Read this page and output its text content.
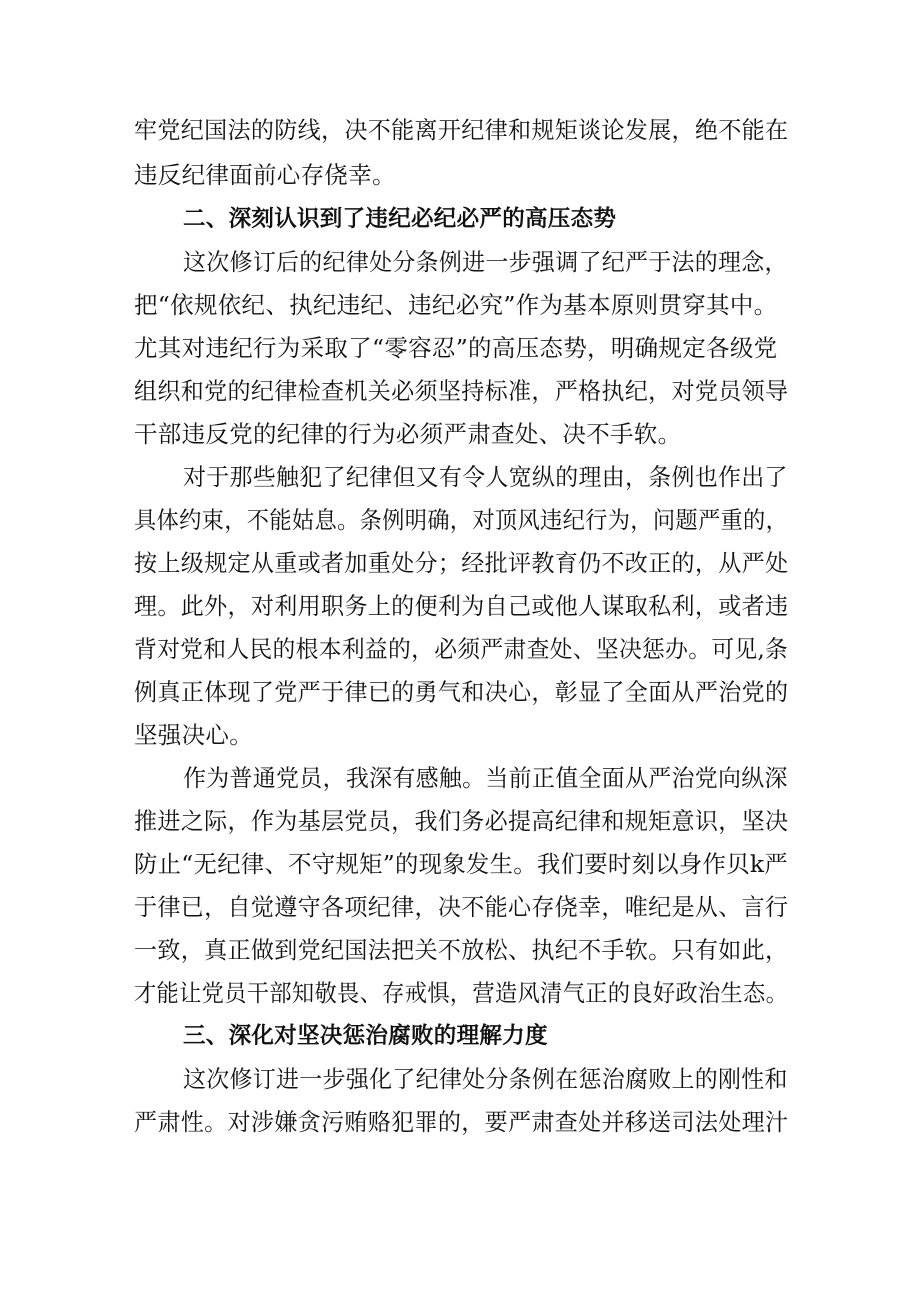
牢党纪国法的防线，决不能离开纪律和规矩谈论发展，绝不能在
违反纪律面前心存侥幸。
二、深刻认识到了违纪必纪必严的高压态势
这次修订后的纪律处分条例进一步强调了纪严于法的理念，
把“依规依纪、执纪违纪、违纪必究”作为基本原则贯穿其中。
尤其对违纪行为采取了“零容忍”的高压态势，明确规定各级党
组织和党的纪律检查机关必须坚持标准，严格执纪，对党员领导
干部违反党的纪律的行为必须严肃查处、决不手软。
对于那些触犯了纪律但又有令人宽纵的理由，条例也作出了
具体约束，不能姑息。条例明确，对顶风违纪行为，问题严重的，
按上级规定从重或者加重处分；经批评教育仍不改正的，从严处
理。此外，对利用职务上的便利为自己或他人谋取私利，或者违
背对党和人民的根本利益的，必须严肃查处、坚决惩办。可见,条
例真正体现了党严于律已的勇气和决心，彰显了全面从严治党的
坚强决心。
作为普通党员，我深有感触。当前正值全面从严治党向纵深
推进之际，作为基层党员，我们务必提高纪律和规矩意识，坚决
防止“无纪律、不守规矩”的现象发生。我们要时刻以身作贝k严
于律已，自觉遵守各项纪律，决不能心存侥幸，唯纪是从、言行
一致，真正做到党纪国法把关不放松、执纪不手软。只有如此，
才能让党员干部知敬畏、存戒惧，营造风清气正的良好政治生态。
三、深化对坚决惩治腐败的理解力度
这次修订进一步强化了纪律处分条例在惩治腐败上的刚性和
严肃性。对涉嫌贪污贿赂犯罪的，要严肃查处并移送司法处理汁
